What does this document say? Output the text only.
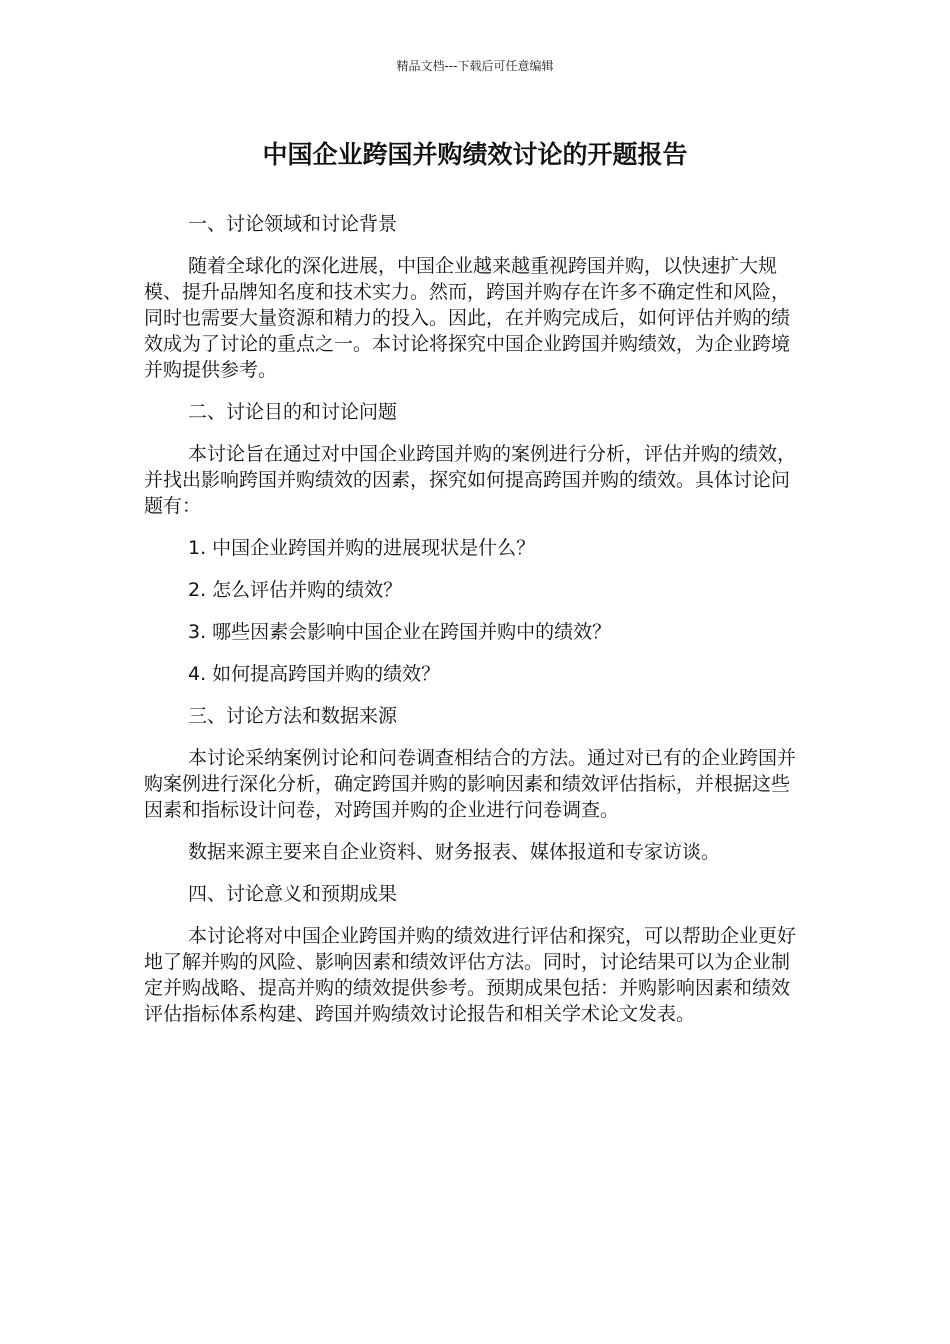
精品文档---下载后可任意编辑
中国企业跨国并购绩效讨论的开题报告

一、讨论领域和讨论背景

随着全球化的深化进展，中国企业越来越重视跨国并购，以快速扩大规模、提升品牌知名度和技术实力。然而，跨国并购存在许多不确定性和风险，同时也需要大量资源和精力的投入。因此，在并购完成后，如何评估并购的绩效成为了讨论的重点之一。本讨论将探究中国企业跨国并购绩效，为企业跨境并购提供参考。

二、讨论目的和讨论问题

本讨论旨在通过对中国企业跨国并购的案例进行分析，评估并购的绩效，并找出影响跨国并购绩效的因素，探究如何提高跨国并购的绩效。具体讨论问题有：

1. 中国企业跨国并购的进展现状是什么？

2. 怎么评估并购的绩效？

3. 哪些因素会影响中国企业在跨国并购中的绩效？

4. 如何提高跨国并购的绩效？

三、讨论方法和数据来源

本讨论采纳案例讨论和问卷调查相结合的方法。通过对已有的企业跨国并购案例进行深化分析，确定跨国并购的影响因素和绩效评估指标，并根据这些因素和指标设计问卷，对跨国并购的企业进行问卷调查。

数据来源主要来自企业资料、财务报表、媒体报道和专家访谈。

四、讨论意义和预期成果

本讨论将对中国企业跨国并购的绩效进行评估和探究，可以帮助企业更好地了解并购的风险、影响因素和绩效评估方法。同时，讨论结果可以为企业制定并购战略、提高并购的绩效提供参考。预期成果包括：并购影响因素和绩效评估指标体系构建、跨国并购绩效讨论报告和相关学术论文发表。
